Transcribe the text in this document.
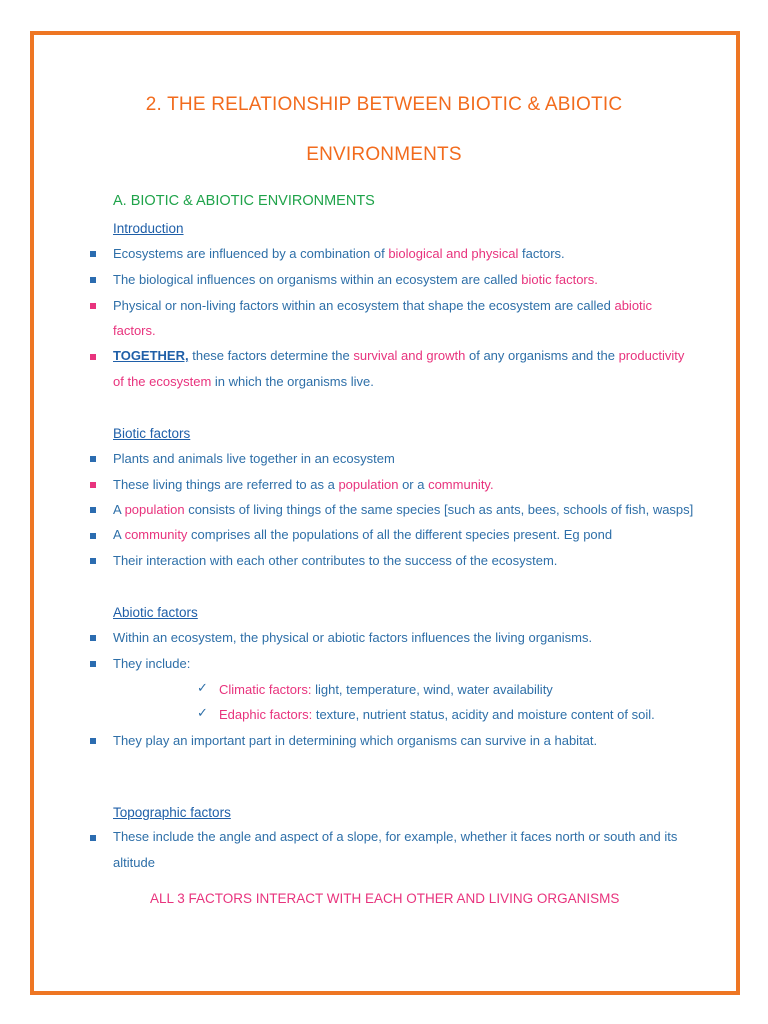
2. THE RELATIONSHIP BETWEEN BIOTIC & ABIOTIC
ENVIRONMENTS
A. BIOTIC & ABIOTIC ENVIRONMENTS
Introduction
Ecosystems are influenced by a combination of biological and physical factors.
The biological influences on organisms within an ecosystem are called biotic factors.
Physical or non-living factors within an ecosystem that shape the ecosystem are called abiotic
factors.
TOGETHER, these factors determine the survival and growth of any organisms and the productivity
of the ecosystem in which the organisms live.
Biotic factors
Plants and animals live together in an ecosystem
These living things are referred to as a population or a community.
A population consists of living things of the same species [such as ants, bees, schools of fish, wasps]
A community comprises all the populations of all the different species present. Eg pond
Their interaction with each other contributes to the success of the ecosystem.
Abiotic factors
Within an ecosystem, the physical or abiotic factors influences the living organisms.
They include:
✓ Climatic factors: light, temperature, wind, water availability
✓ Edaphic factors: texture, nutrient status, acidity and moisture content of soil.
They play an important part in determining which organisms can survive in a habitat.
Topographic factors
These include the angle and aspect of a slope, for example, whether it faces north or south and its
altitude
ALL 3 FACTORS INTERACT WITH EACH OTHER AND LIVING ORGANISMS
